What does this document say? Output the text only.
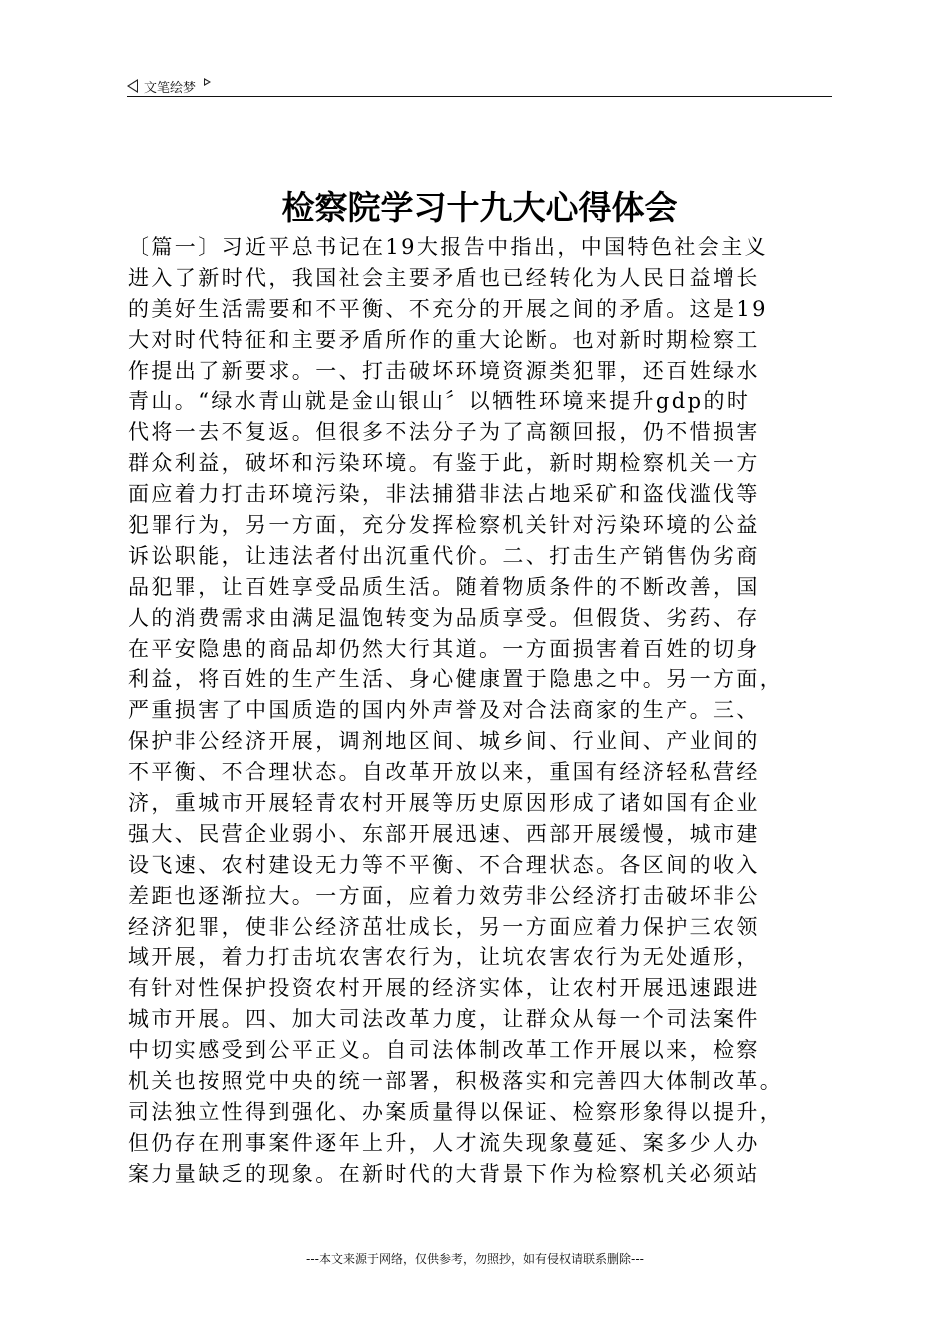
文笔绘梦
检察院学习十九大心得体会
〔篇一〕习近平总书记在19大报告中指出，中国特色社会主义
进入了新时代，我国社会主要矛盾也已经转化为人民日益增长
的美好生活需要和不平衡、不充分的开展之间的矛盾。这是19
大对时代特征和主要矛盾所作的重大论断。也对新时期检察工
作提出了新要求。一、打击破坏环境资源类犯罪，还百姓绿水
青山。“绿水青山就是金山银山〞以牺牲环境来提升gdp的时
代将一去不复返。但很多不法分子为了高额回报，仍不惜损害
群众利益，破坏和污染环境。有鉴于此，新时期检察机关一方
面应着力打击环境污染，非法捕猎非法占地采矿和盗伐滥伐等
犯罪行为，另一方面，充分发挥检察机关针对污染环境的公益
诉讼职能，让违法者付出沉重代价。二、打击生产销售伪劣商
品犯罪，让百姓享受品质生活。随着物质条件的不断改善，国
人的消费需求由满足温饱转变为品质享受。但假货、劣药、存
在平安隐患的商品却仍然大行其道。一方面损害着百姓的切身
利益，将百姓的生产生活、身心健康置于隐患之中。另一方面，
严重损害了中国质造的国内外声誉及对合法商家的生产。三、
保护非公经济开展，调剂地区间、城乡间、行业间、产业间的
不平衡、不合理状态。自改革开放以来，重国有经济轻私营经
济，重城市开展轻青农村开展等历史原因形成了诸如国有企业
强大、民营企业弱小、东部开展迅速、西部开展缓慢，城市建
设飞速、农村建设无力等不平衡、不合理状态。各区间的收入
差距也逐渐拉大。一方面，应着力效劳非公经济打击破坏非公
经济犯罪，使非公经济茁壮成长，另一方面应着力保护三农领
域开展，着力打击坑农害农行为，让坑农害农行为无处遁形，
有针对性保护投资农村开展的经济实体，让农村开展迅速跟进
城市开展。四、加大司法改革力度，让群众从每一个司法案件
中切实感受到公平正义。自司法体制改革工作开展以来，检察
机关也按照党中央的统一部署，积极落实和完善四大体制改革。
司法独立性得到强化、办案质量得以保证、检察形象得以提升，
但仍存在刑事案件逐年上升，人才流失现象蔓延、案多少人办
案力量缺乏的现象。在新时代的大背景下作为检察机关必须站
---本文来源于网络，仅供参考，勿照抄，如有侵权请联系删除---
